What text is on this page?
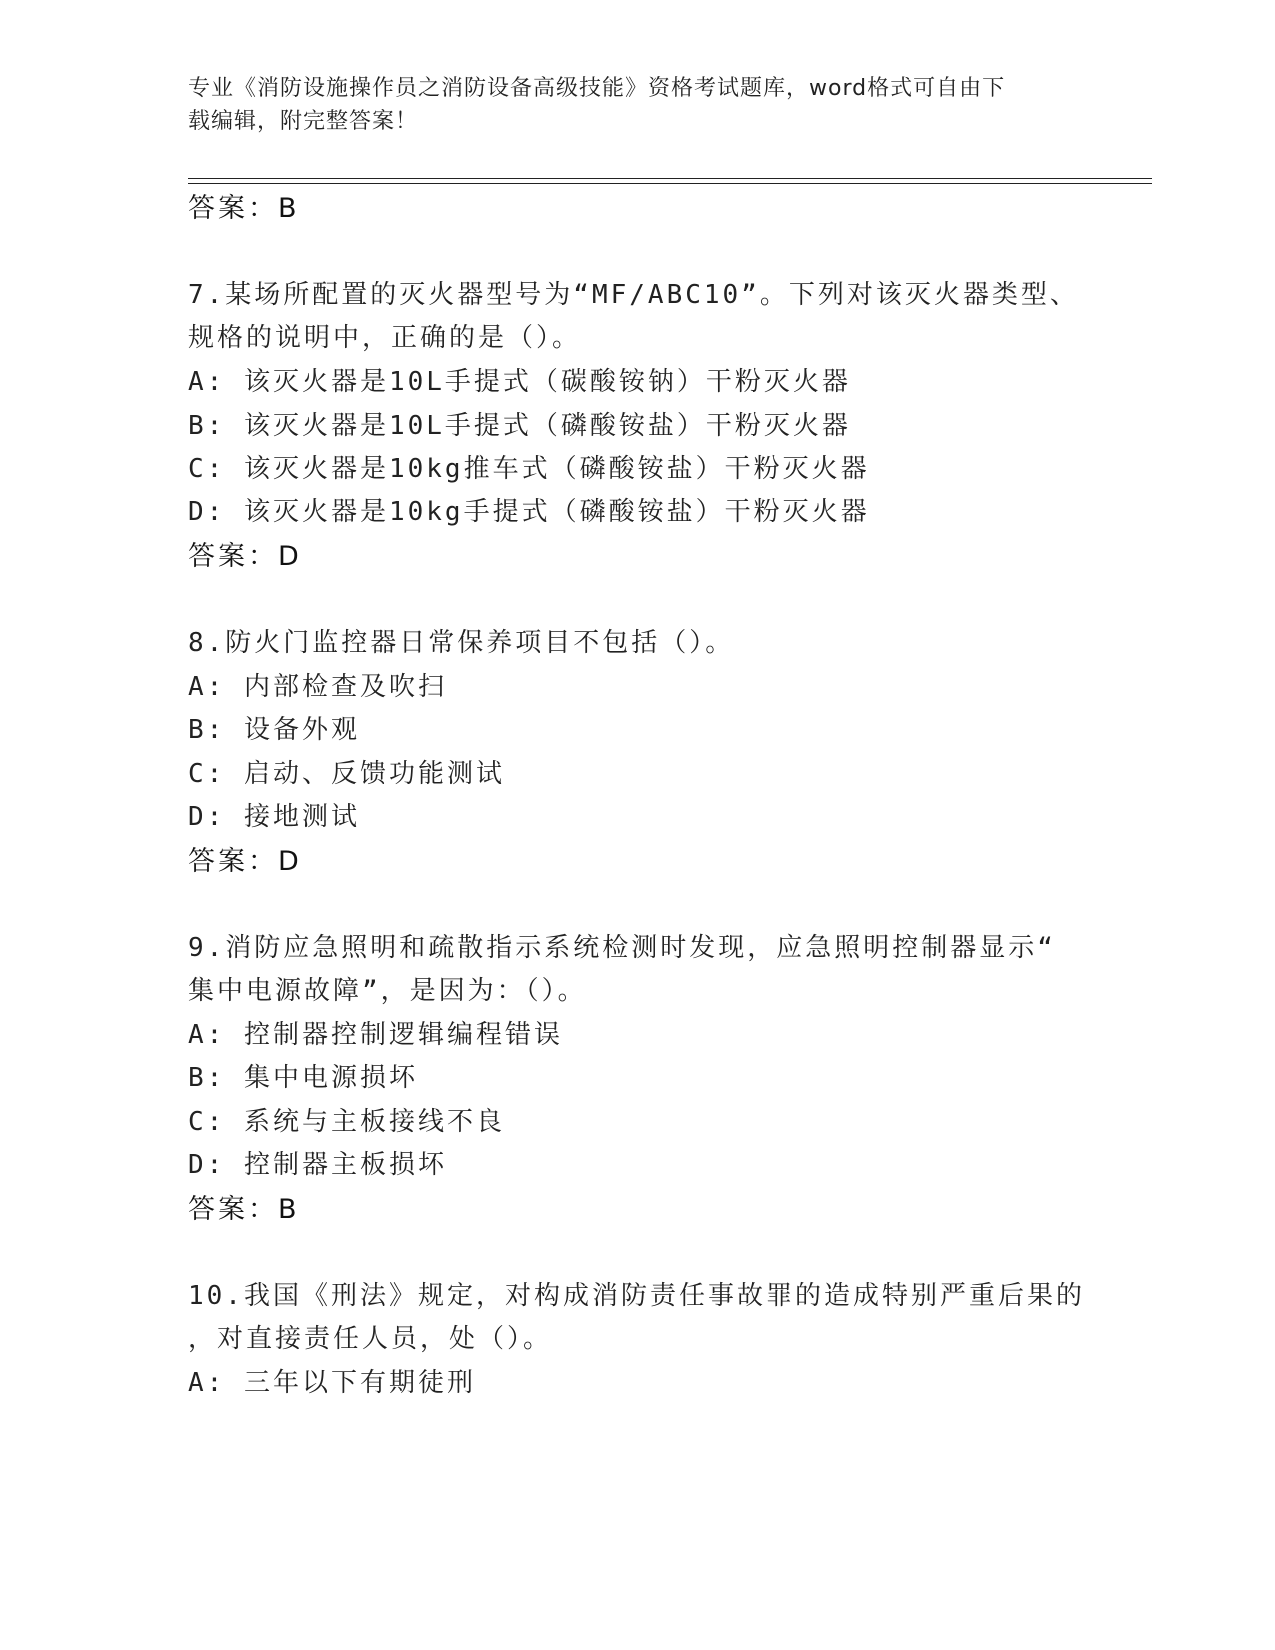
专业《消防设施操作员之消防设备高级技能》资格考试题库，word格式可自由下
载编辑，附完整答案！
答案：B
7.某场所配置的灭火器型号为“MF/ABC10”。下列对该灭火器类型、
规格的说明中，正确的是（）。
A: 该灭火器是10L手提式（碳酸铵钠）干粉灭火器
B: 该灭火器是10L手提式（磷酸铵盐）干粉灭火器
C: 该灭火器是10kg推车式（磷酸铵盐）干粉灭火器
D: 该灭火器是10kg手提式（磷酸铵盐）干粉灭火器
答案：D
8.防火门监控器日常保养项目不包括（）。
A: 内部检查及吹扫
B: 设备外观
C: 启动、反馈功能测试
D: 接地测试
答案：D
9.消防应急照明和疏散指示系统检测时发现，应急照明控制器显示“
集中电源故障”，是因为：（）。
A: 控制器控制逻辑编程错误
B: 集中电源损坏
C: 系统与主板接线不良
D: 控制器主板损坏
答案：B
10.我国《刑法》规定，对构成消防责任事故罪的造成特别严重后果的
，对直接责任人员，处（）。
A: 三年以下有期徒刑
